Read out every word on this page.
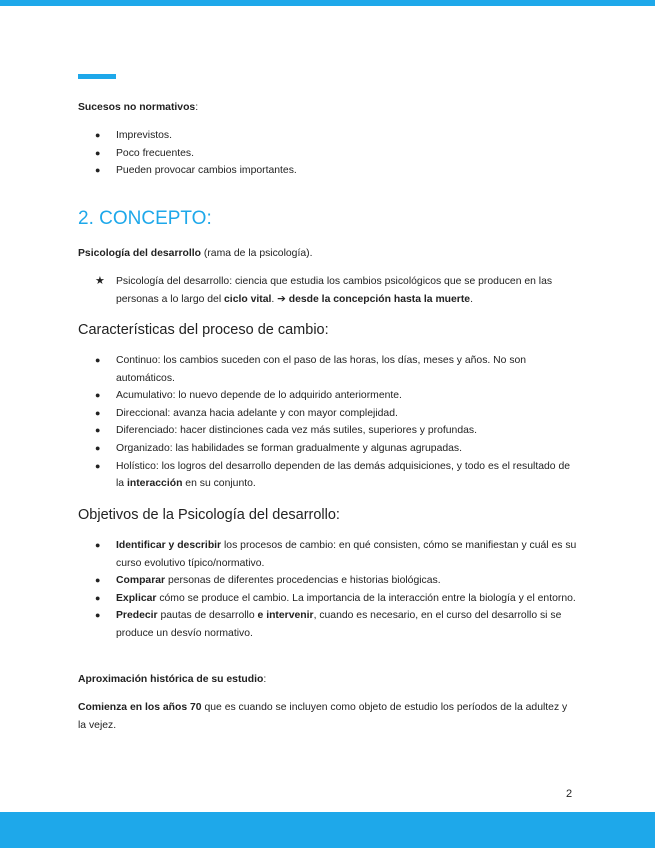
Sucesos no normativos:

●	Imprevistos.
●	Poco frecuentes.
●	Pueden provocar cambios importantes.
2. CONCEPTO:

Psicología del desarrollo (rama de la psicología).

★ Psicología del desarrollo: ciencia que estudia los cambios psicológicos que se producen en las personas a lo largo del ciclo vital. ➔ desde la concepción hasta la muerte.
Características del proceso de cambio:
●	Continuo: los cambios suceden con el paso de las horas, los días, meses y años. No son automáticos.
●	Acumulativo: lo nuevo depende de lo adquirido anteriormente.
●	Direccional: avanza hacia adelante y con mayor complejidad.
●	Diferenciado: hacer distinciones cada vez más sutiles, superiores y profundas.
●	Organizado: las habilidades se forman gradualmente y algunas agrupadas.
●	Holístico: los logros del desarrollo dependen de las demás adquisiciones, y todo es el resultado de la interacción en su conjunto.
Objetivos de la Psicología del desarrollo:
●	Identificar y describir los procesos de cambio: en qué consisten, cómo se manifiestan y cuál es su curso evolutivo típico/normativo.
●	Comparar personas de diferentes procedencias e historias biológicas.
●	Explicar cómo se produce el cambio. La importancia de la interacción entre la biología y el entorno.
●	Predecir pautas de desarrollo e intervenir, cuando es necesario, en el curso del desarrollo si se produce un desvío normativo.

Aproximación histórica de su estudio:

Comienza en los años 70 que es cuando se incluyen como objeto de estudio los períodos de la adultez y la vejez.

2
